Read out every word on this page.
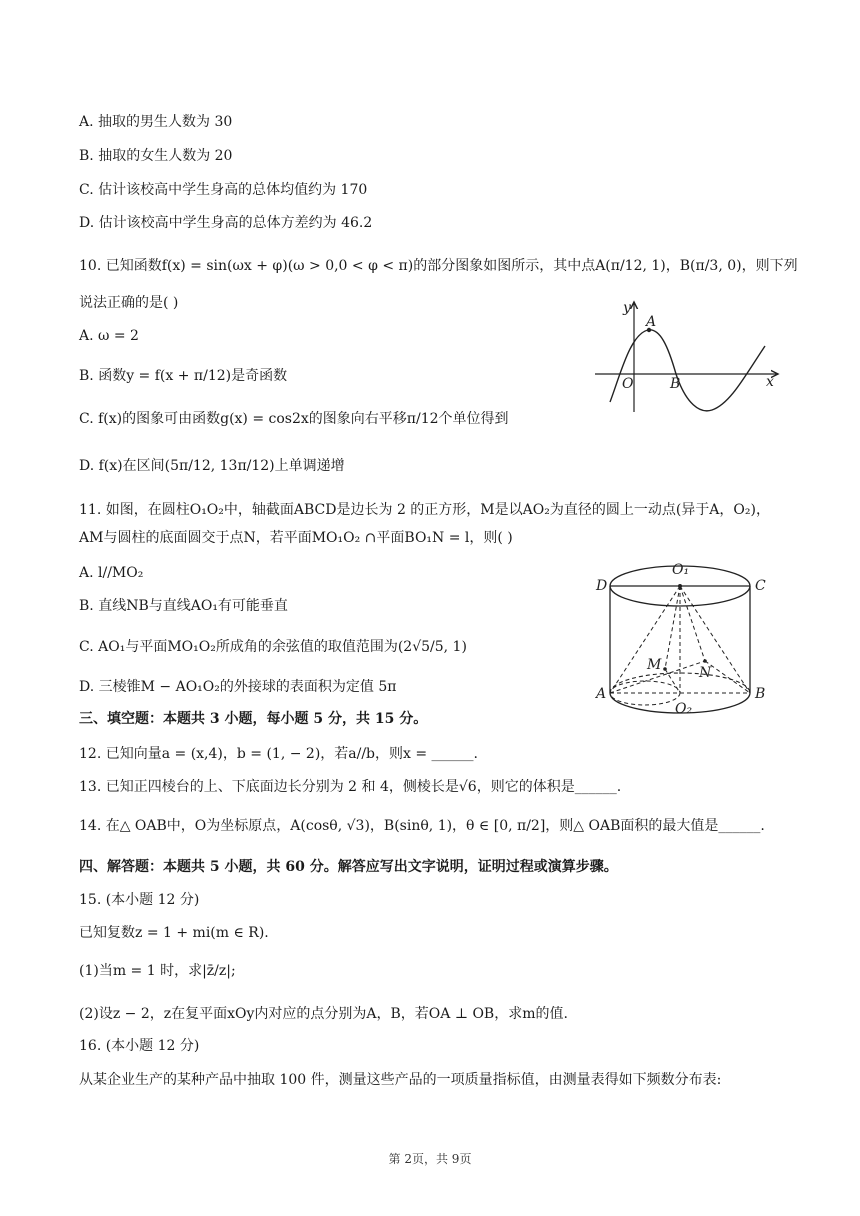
A. 抽取的男生人数为 30
B. 抽取的女生人数为 20
C. 估计该校高中学生身高的总体均值约为 170
D. 估计该校高中学生身高的总体方差约为 46.2
10. 已知函数f(x) = sin(ωx + φ)(ω > 0,0 < φ < π)的部分图象如图所示，其中点A(π/12, 1)，B(π/3, 0)，则下列
说法正确的是( )
A. ω = 2
B. 函数y = f(x + π/12)是奇函数
C. f(x)的图象可由函数g(x) = cos2x的图象向右平移π/12个单位得到
D. f(x)在区间(5π/12, 13π/12)上单调递增
y
A
O	B	x
11. 如图，在圆柱O₁O₂中，轴截面ABCD是边长为 2 的正方形，M是以AO₂为直径的圆上一动点(异于A，O₂)，
AM与圆柱的底面圆交于点N，若平面MO₁O₂ ∩平面BO₁N = l，则( )
A. l//MO₂
B. 直线NB与直线AO₁有可能垂直
C. AO₁与平面MO₁O₂所成角的余弦值的取值范围为(2√5/5, 1)
D. 三棱锥M − AO₁O₂的外接球的表面积为定值 5π
D
O₁
C
M	N
A	B
O₂
三、填空题：本题共 3 小题，每小题 5 分，共 15 分。
12. 已知向量a = (x,4)，b = (1, − 2)，若a//b，则x = ______.
13. 已知正四棱台的上、下底面边长分别为 2 和 4，侧棱长是√6，则它的体积是______.
14. 在△ OAB中，O为坐标原点，A(cosθ, √3)，B(sinθ, 1)，θ ∈ [0, π/2]，则△ OAB面积的最大值是______.
四、解答题：本题共 5 小题，共 60 分。解答应写出文字说明，证明过程或演算步骤。
15. (本小题 12 分)
已知复数z = 1 + mi(m ∈ R).
(1)当m = 1 时，求|z̄/z|;
(2)设z − 2，z在复平面xOy内对应的点分别为A，B，若OA ⊥ OB，求m的值.
16. (本小题 12 分)
从某企业生产的某种产品中抽取 100 件，测量这些产品的一项质量指标值，由测量表得如下频数分布表:
第 2页，共 9页
